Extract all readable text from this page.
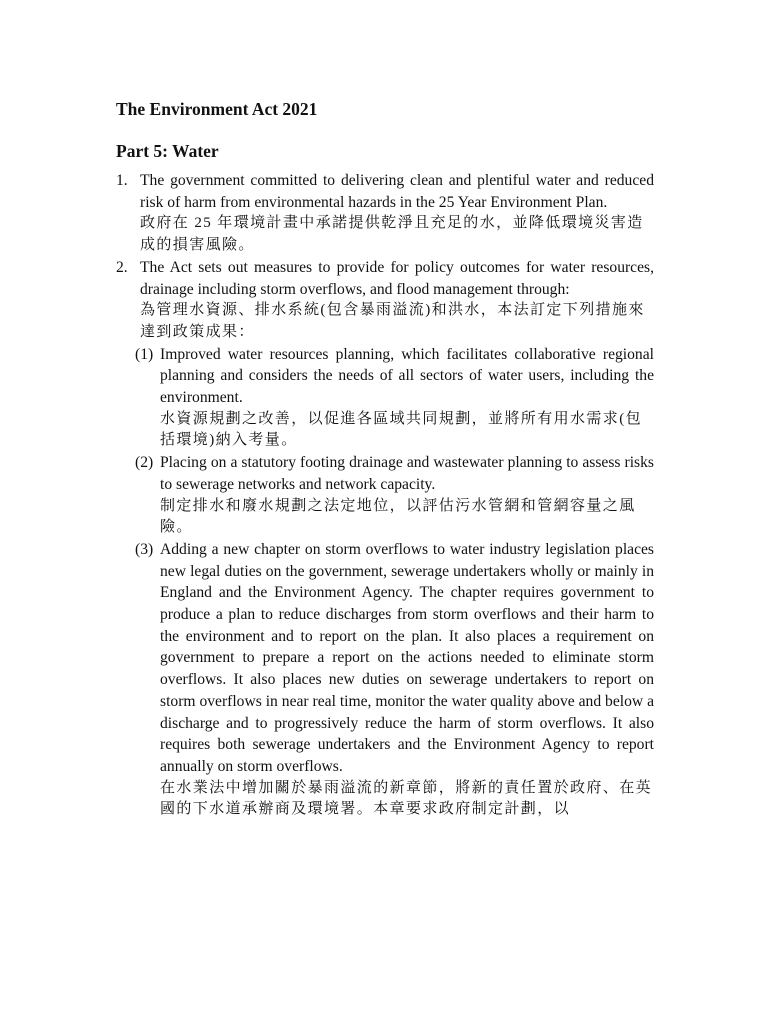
The Environment Act 2021
Part 5: Water
1. The government committed to delivering clean and plentiful water and reduced risk of harm from environmental hazards in the 25 Year Environment Plan.

政府在 25 年環境計畫中承諾提供乾淨且充足的水，並降低環境災害造成的損害風險。

2. The Act sets out measures to provide for policy outcomes for water resources, drainage including storm overflows, and flood management through:

為管理水資源、排水系統(包含暴雨溢流)和洪水，本法訂定下列措施來達到政策成果：

(1) Improved water resources planning, which facilitates collaborative regional planning and considers the needs of all sectors of water users, including the environment.

水資源規劃之改善，以促進各區域共同規劃，並將所有用水需求(包括環境)納入考量。

(2) Placing on a statutory footing drainage and wastewater planning to assess risks to sewerage networks and network capacity.

制定排水和廢水規劃之法定地位，以評估污水管網和管網容量之風險。

(3) Adding a new chapter on storm overflows to water industry legislation places new legal duties on the government, sewerage undertakers wholly or mainly in England and the Environment Agency. The chapter requires government to produce a plan to reduce discharges from storm overflows and their harm to the environment and to report on the plan. It also places a requirement on government to prepare a report on the actions needed to eliminate storm overflows. It also places new duties on sewerage undertakers to report on storm overflows in near real time, monitor the water quality above and below a discharge and to progressively reduce the harm of storm overflows. It also requires both sewerage undertakers and the Environment Agency to report annually on storm overflows.

在水業法中增加關於暴雨溢流的新章節，將新的責任置於政府、在英國的下水道承辦商及環境署。本章要求政府制定計劃，以
